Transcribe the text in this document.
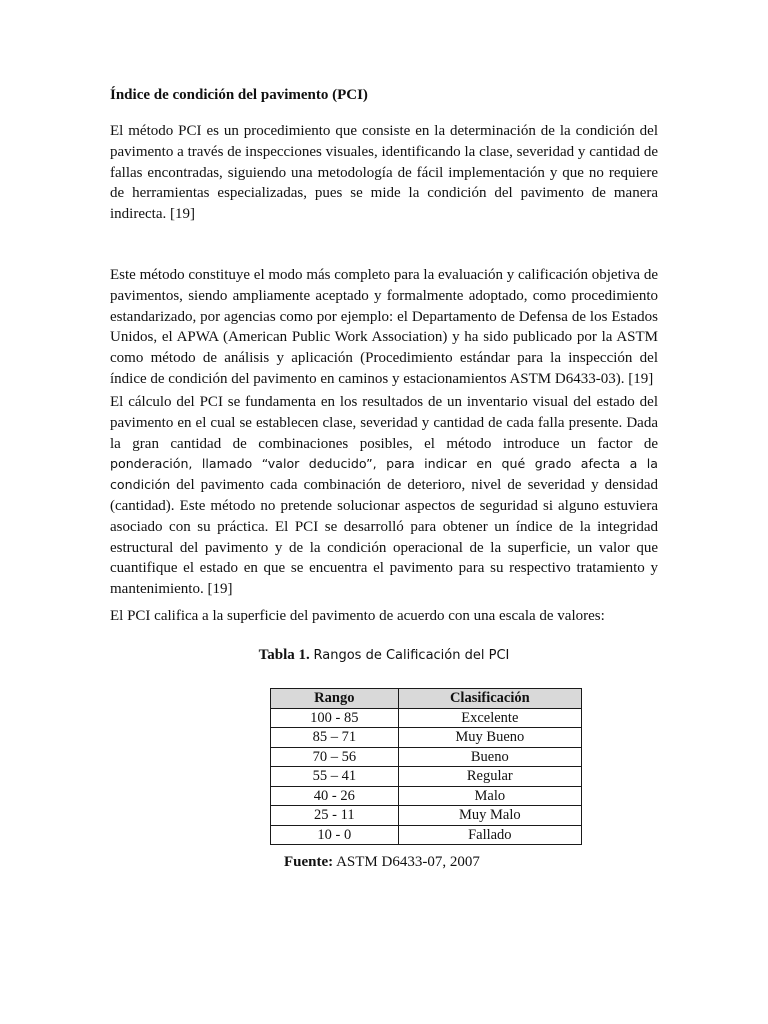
Índice de condición del pavimento (PCI)

El método PCI es un procedimiento que consiste en la determinación de la condición del pavimento a través de inspecciones visuales, identificando la clase, severidad y cantidad de fallas encontradas, siguiendo una metodología de fácil implementación y que no requiere de herramientas especializadas, pues se mide la condición del pavimento de manera indirecta. [19]

Este método constituye el modo más completo para la evaluación y calificación objetiva de pavimentos, siendo ampliamente aceptado y formalmente adoptado, como procedimiento estandarizado, por agencias como por ejemplo: el Departamento de Defensa de los Estados Unidos, el APWA (American Public Work Association) y ha sido publicado por la ASTM como método de análisis y aplicación (Procedimiento estándar para la inspección del índice de condición del pavimento en caminos y estacionamientos ASTM D6433-03). [19]

El cálculo del PCI se fundamenta en los resultados de un inventario visual del estado del pavimento en el cual se establecen clase, severidad y cantidad de cada falla presente. Dada la gran cantidad de combinaciones posibles, el método introduce un factor de ponderación, llamado “valor deducido”, para indicar en qué grado afecta a la condición del pavimento cada combinación de deterioro, nivel de severidad y densidad (cantidad). Este método no pretende solucionar aspectos de seguridad si alguno estuviera asociado con su práctica. El PCI se desarrolló para obtener un índice de la integridad estructural del pavimento y de la condición operacional de la superficie, un valor que cuantifique el estado en que se encuentra el pavimento para su respectivo tratamiento y mantenimiento. [19]

El PCI califica a la superficie del pavimento de acuerdo con una escala de valores:

Tabla 1. Rangos de Calificación del PCI

Rango	Clasificación
100 - 85	Excelente
85 – 71	Muy Bueno
70 – 56	Bueno
55 – 41	Regular
40 - 26	Malo
25 - 11	Muy Malo
10 - 0	Fallado

Fuente: ASTM D6433-07, 2007
